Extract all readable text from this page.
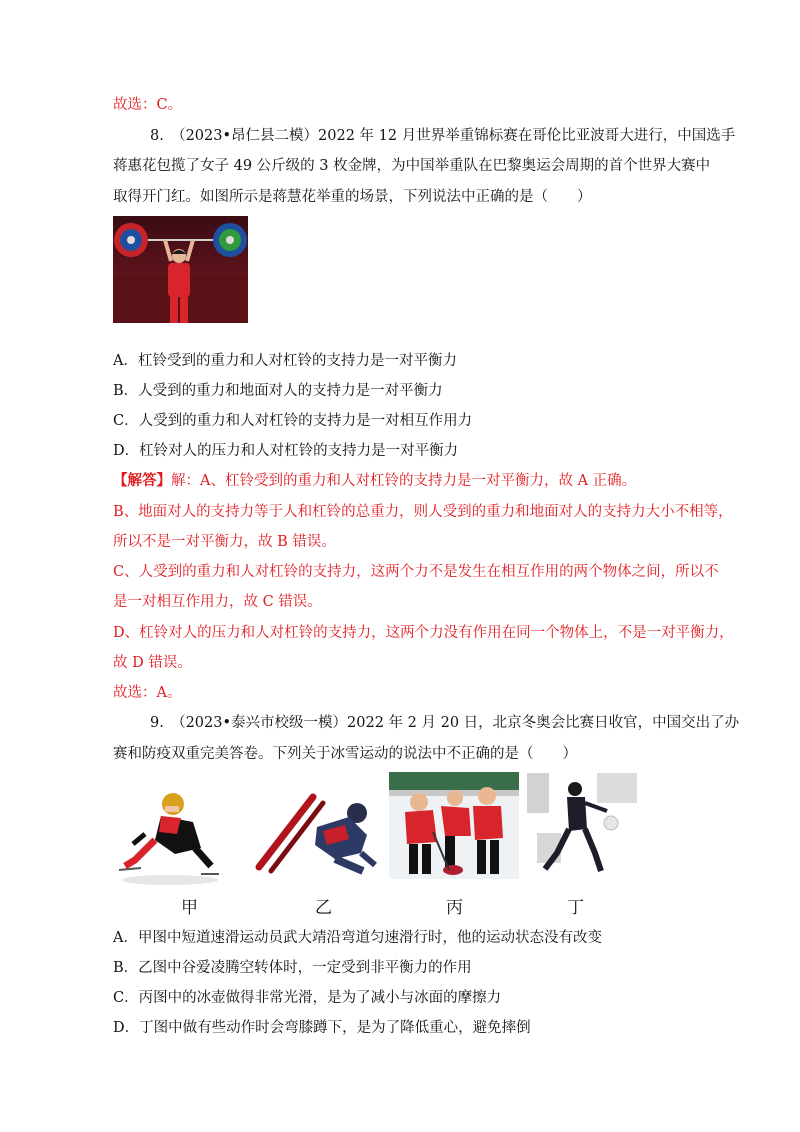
故选：C。
8.　（2023•昂仁县二模）2022 年 12 月世界举重锦标赛在哥伦比亚波哥大进行，中国选手
蒋惠花包揽了女子 49 公斤级的 3 枚金牌，为中国举重队在巴黎奥运会周期的首个世界大赛中
取得开门红。如图所示是蒋慧花举重的场景，下列说法中正确的是（　　）
A．杠铃受到的重力和人对杠铃的支持力是一对平衡力
B．人受到的重力和地面对人的支持力是一对平衡力
C．人受到的重力和人对杠铃的支持力是一对相互作用力
D．杠铃对人的压力和人对杠铃的支持力是一对平衡力
【解答】解：A、杠铃受到的重力和人对杠铃的支持力是一对平衡力，故 A 正确。
B、地面对人的支持力等于人和杠铃的总重力，则人受到的重力和地面对人的支持力大小不相等，
所以不是一对平衡力，故 B 错误。
C、人受到的重力和人对杠铃的支持力，这两个力不是发生在相互作用的两个物体之间，所以不
是一对相互作用力，故 C 错误。
D、杠铃对人的压力和人对杠铃的支持力，这两个力没有作用在同一个物体上，不是一对平衡力，
故 D 错误。
故选：A。
9.　（2023•泰兴市校级一模）2022 年 2 月 20 日，北京冬奥会比赛日收官，中国交出了办
赛和防疫双重完美答卷。下列关于冰雪运动的说法中不正确的是（　　）
甲	乙	丙	丁
A．甲图中短道速滑运动员武大靖沿弯道匀速滑行时，他的运动状态没有改变
B．乙图中谷爱凌腾空转体时，一定受到非平衡力的作用
C．丙图中的冰壶做得非常光滑，是为了减小与冰面的摩擦力
D．丁图中做有些动作时会弯膝蹲下，是为了降低重心，避免摔倒
